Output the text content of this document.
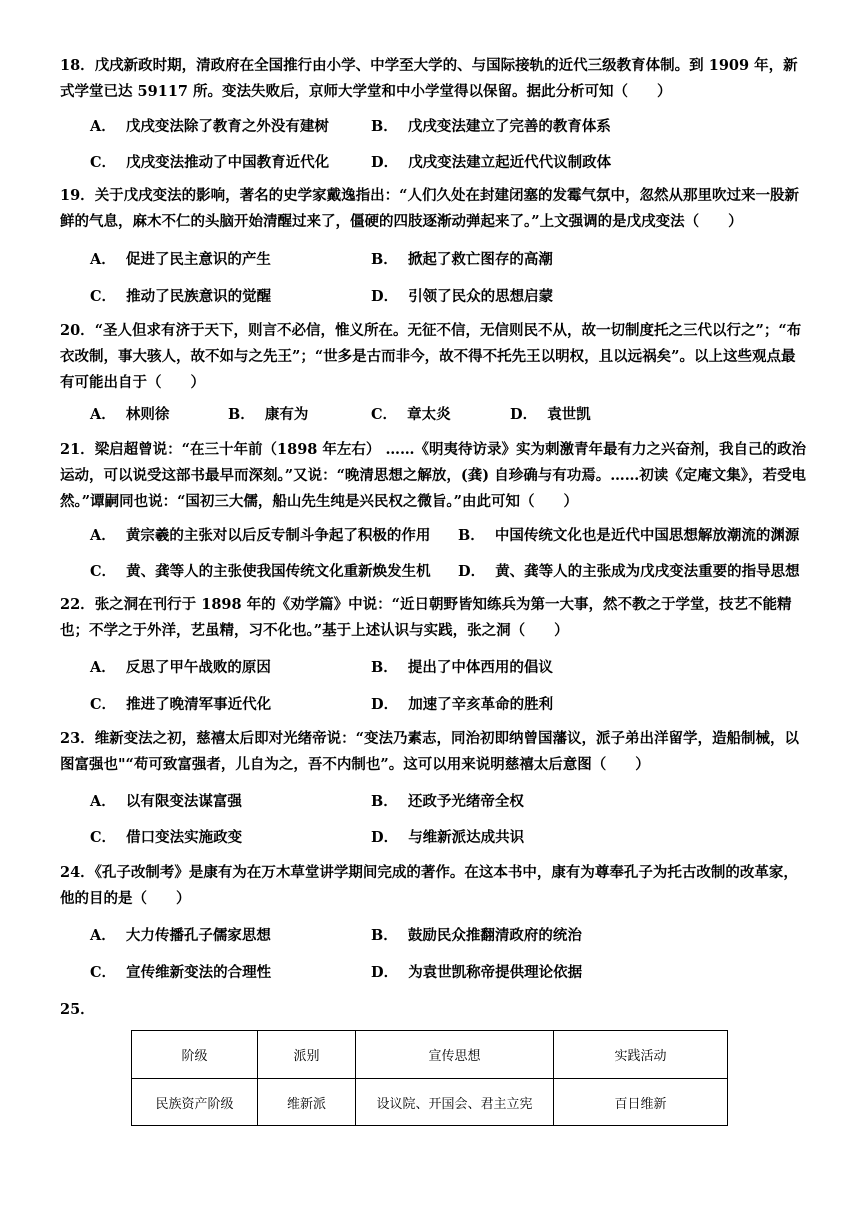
18．戊戌新政时期，清政府在全国推行由小学、中学至大学的、与国际接轨的近代三级教育体制。到 1909 年，新式学堂已达 59117 所。变法失败后，京师大学堂和中小学堂得以保留。据此分析可知（　　）
A． 戊戌变法除了教育之外没有建树	B． 戊戌变法建立了完善的教育体系
C． 戊戌变法推动了中国教育近代化	D． 戊戌变法建立起近代代议制政体
19．关于戊戌变法的影响，著名的史学家戴逸指出：“人们久处在封建闭塞的发霉气氛中，忽然从那里吹过来一股新鲜的气息，麻木不仁的头脑开始清醒过来了，僵硬的四肢逐渐动弹起来了。”上文强调的是戊戌变法（　　）
A． 促进了民主意识的产生	B． 掀起了救亡图存的高潮
C． 推动了民族意识的觉醒	D． 引领了民众的思想启蒙
20．“圣人但求有济于天下，则言不必信，惟义所在。无征不信，无信则民不从，故一切制度托之三代以行之”；“布衣改制，事大骇人，故不如与之先王”；“世多是古而非今，故不得不托先王以明权，且以远祸矣”。以上这些观点最有可能出自于（　　）
A． 林则徐	B． 康有为	C． 章太炎	D． 袁世凯
21．梁启超曾说：“在三十年前（1898 年左右） ……《明夷待访录》实为刺激青年最有力之兴奋剂，我自己的政治运动，可以说受这部书最早而深刻。”又说：“晚清思想之解放，(龚) 自珍确与有功焉。……初读《定庵文集》，若受电然。”谭嗣同也说：“国初三大儒，船山先生纯是兴民权之微旨。”由此可知（　　）
A． 黄宗羲的主张对以后反专制斗争起了积极的作用 B． 中国传统文化也是近代中国思想解放潮流的渊源
C． 黄、龚等人的主张使我国传统文化重新焕发生机 D． 黄、龚等人的主张成为戊戌变法重要的指导思想
22．张之洞在刊行于 1898 年的《劝学篇》中说：“近日朝野皆知练兵为第一大事，然不教之于学堂，技艺不能精也；不学之于外洋，艺虽精，习不化也。”基于上述认识与实践，张之洞（　　）
A． 反思了甲午战败的原因	B． 提出了中体西用的倡议
C． 推进了晚清军事近代化	D． 加速了辛亥革命的胜利
23．维新变法之初，慈禧太后即对光绪帝说：“变法乃素志，同治初即纳曾国藩议，派子弟出洋留学，造船制械，以图富强也"“苟可致富强者，儿自为之，吾不内制也”。这可以用来说明慈禧太后意图（　　）
A． 以有限变法谋富强	B． 还政予光绪帝全权
C． 借口变法实施政变	D． 与维新派达成共识
24．《孔子改制考》是康有为在万木草堂讲学期间完成的著作。在这本书中，康有为尊奉孔子为托古改制的改革家，他的目的是（　　）
A． 大力传播孔子儒家思想	B． 鼓励民众推翻清政府的统治
C． 宣传维新变法的合理性	D． 为袁世凯称帝提供理论依据
25．
阶级	派别	宣传思想	实践活动
民族资产阶级	维新派	设议院、开国会、君主立宪	百日维新
